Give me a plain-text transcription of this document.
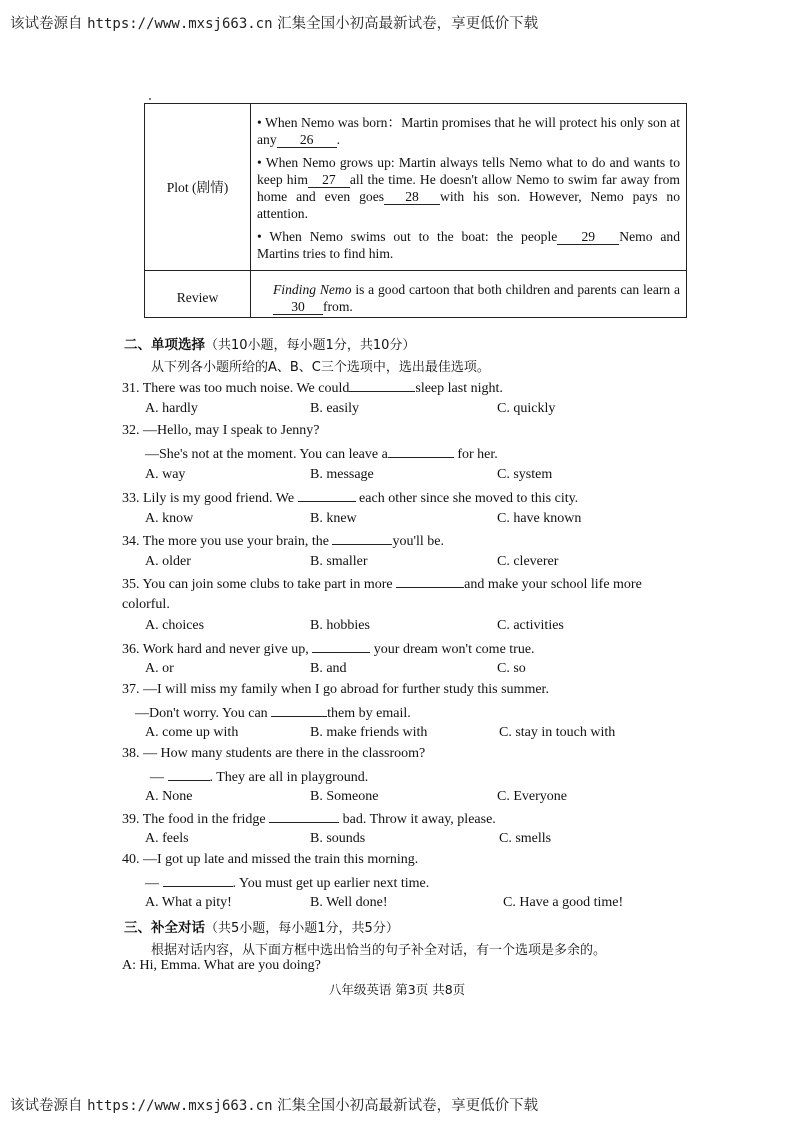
该试卷源自 https://www.mxsj663.cn 汇集全国小初高最新试卷，享更低价下载
Plot (剧情)	• When Nemo was born：Martin promises that he will protect his only son at any 26 .

• When Nemo grows up: Martin always tells Nemo what to do and wants to keep him 27 all the time. He doesn't allow Nemo to swim far away from home and even goes 28 with his son. However, Nemo pays no attention.

• When Nemo swims out to the boat: the people 29 Nemo and Martins tries to find him.

Review	Finding Nemo is a good cartoon that both children and parents can learn a30 from.

二、单项选择（共10小题，每小题1分，共10分）
从下列各小题所给的A、B、C三个选项中，选出最佳选项。
31. There was too much noise. We could	sleep last night.
A. hardly	B. easily	C. quickly
32. —Hello, may I speak to Jenny?
—She's not at the moment. You can leave a	for her.
A. way	B. message	C. system
33. Lily is my good friend. We	each other since she moved to this city.
A. know	B. knew	C. have known
34. The more you use your brain, the	you'll be.
A. older	B. smaller	C. cleverer
35. You can join some clubs to take part in more	and make your school life more
colorful.
A. choices	B. hobbies	C. activities
36. Work hard and never give up,	your dream won't come true.
A. or	B. and	C. so
37. —I will miss my family when I go abroad for further study this summer.
—Don't worry. You can	them by email.
A. come up with	B. make friends with	C. stay in touch with
38. — How many students are there in the classroom?
—	. They are all in playground.
A. None	B. Someone	C. Everyone
39. The food in the fridge	bad. Throw it away, please.
A. feels	B. sounds	C. smells
40. —I got up late and missed the train this morning.
—	. You must get up earlier next time.
A. What a pity!	B. Well done!	C. Have a good time!
三、补全对话（共5小题，每小题1分，共5分）
根据对话内容，从下面方框中选出恰当的句子补全对话，有一个选项是多余的。
A: Hi, Emma. What are you doing?
八年级英语 第3页 共8页
该试卷源自 https://www.mxsj663.cn 汇集全国小初高最新试卷，享更低价下载
